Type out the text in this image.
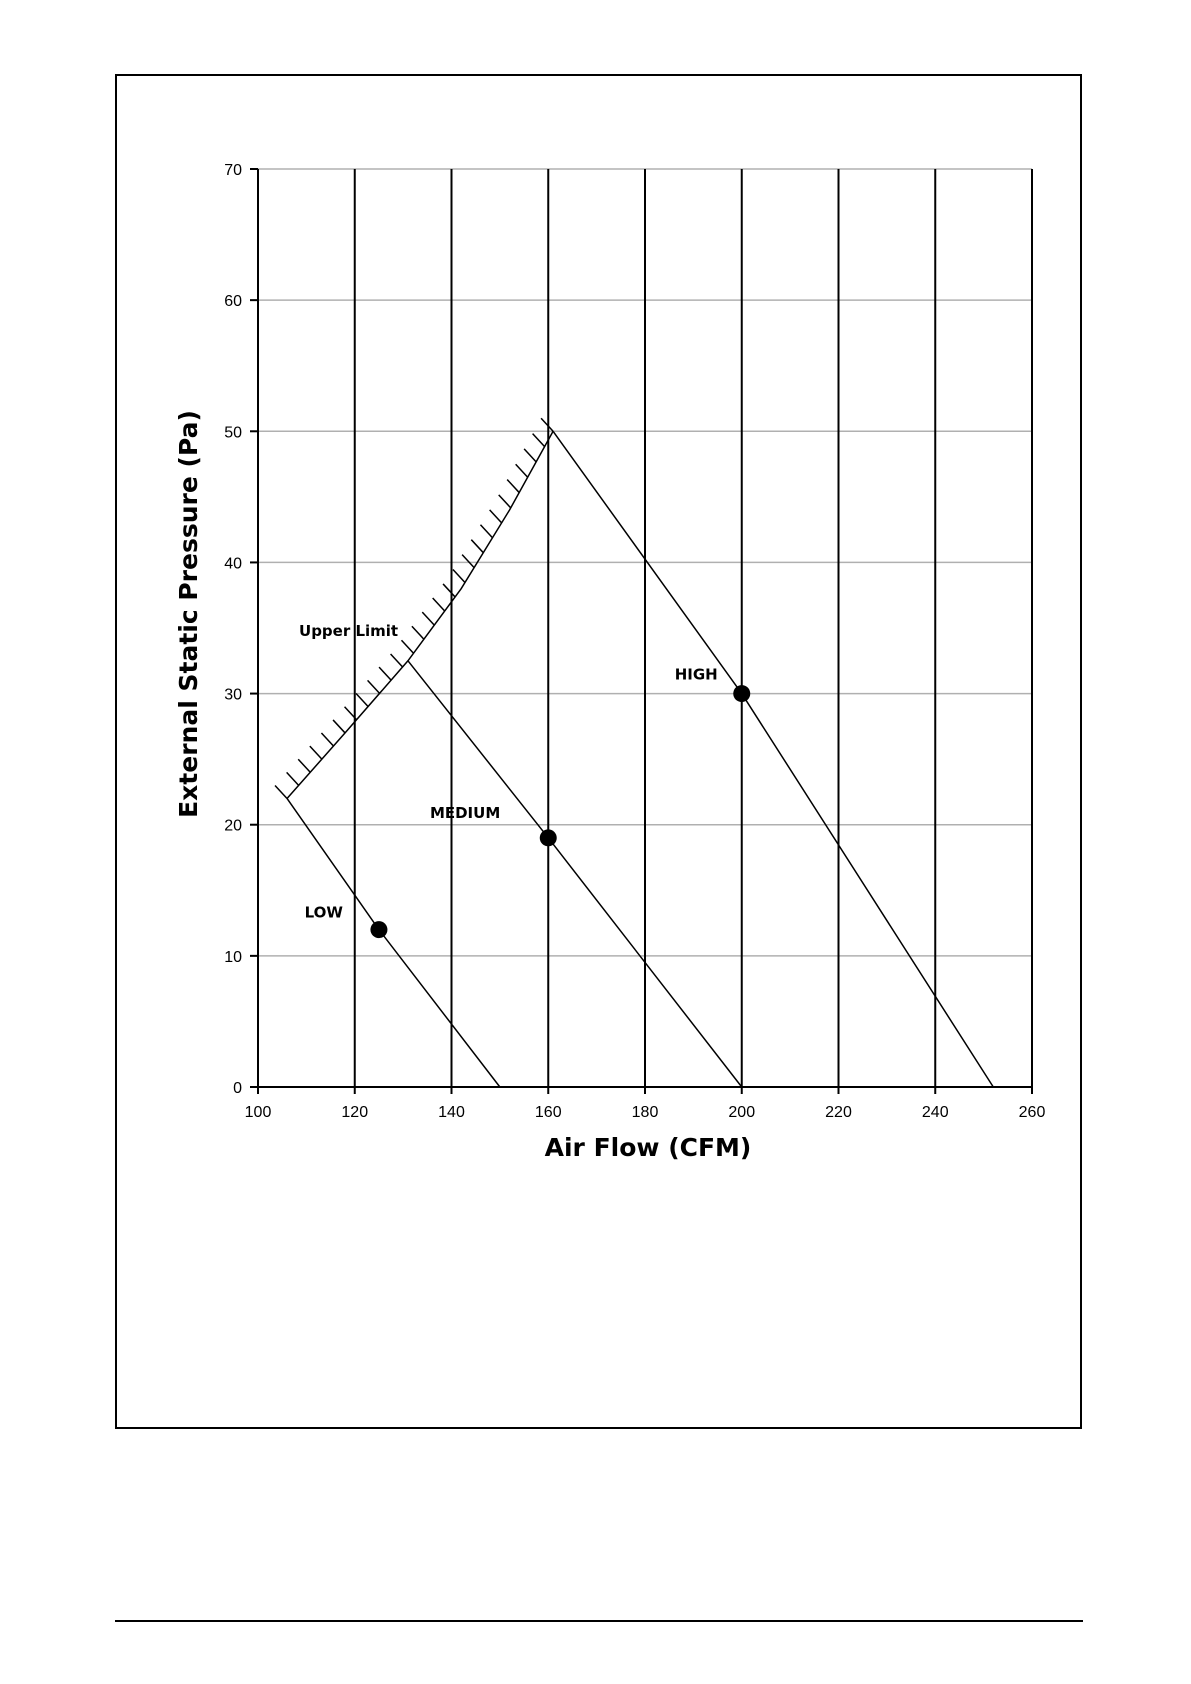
100	120	140	160	180	200	220	240	260
0
10
20
30
40
50
60
70
LOW
MEDIUM
HIGH
Upper Limit
Air Flow (CFM)
External Static Pressure (Pa)
